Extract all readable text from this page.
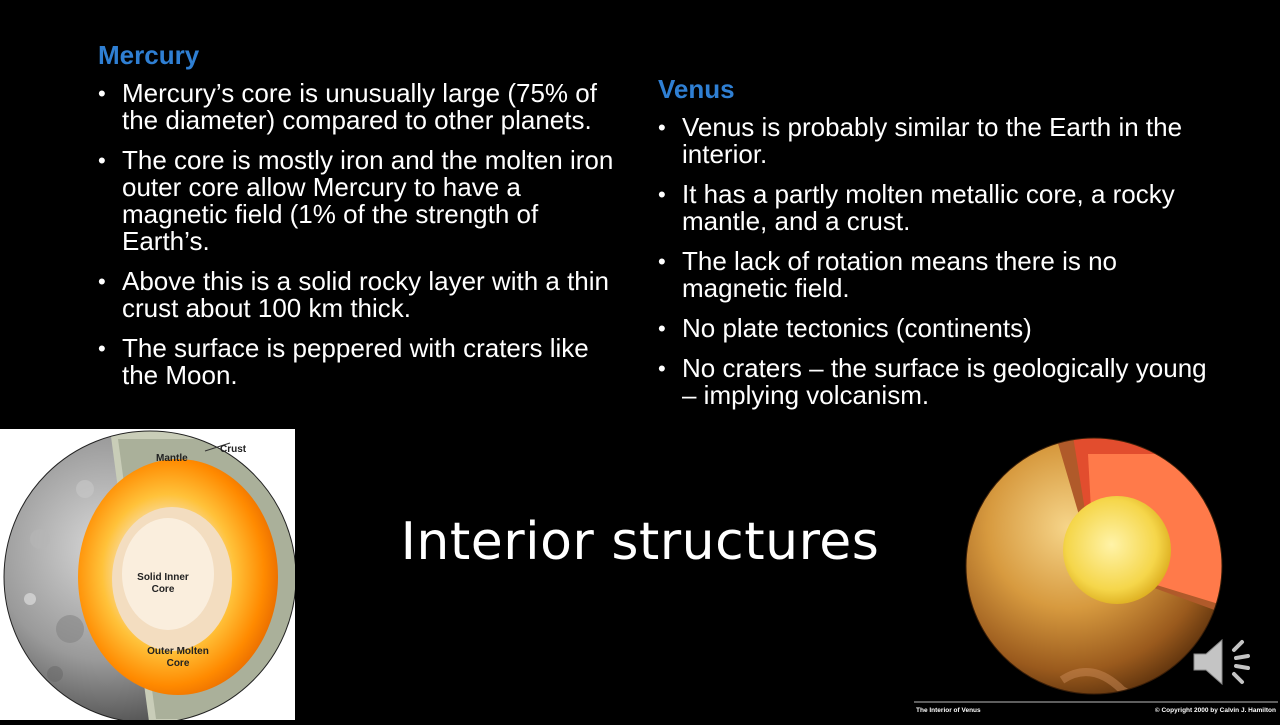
Mercury
• Mercury’s core is unusually large (75% of the diameter) compared to other planets.
• The core is mostly iron and the molten iron outer core allow Mercury to have a magnetic field (1% of the strength of Earth’s.
• Above this is a solid rocky layer with a thin crust about 100 km thick.
• The surface is peppered with craters like the Moon.
Venus
• Venus is probably similar to the Earth in the interior.
• It has a partly molten metallic core, a rocky mantle, and a crust.
• The lack of rotation means there is no magnetic field.
• No plate tectonics (continents)
• No craters – the surface is geologically young – implying volcanism.
Interior structures
Crust
Mantle
Solid Inner
Core
Outer Molten
Core
The Interior of Venus	© Copyright 2000 by Calvin J. Hamilton
